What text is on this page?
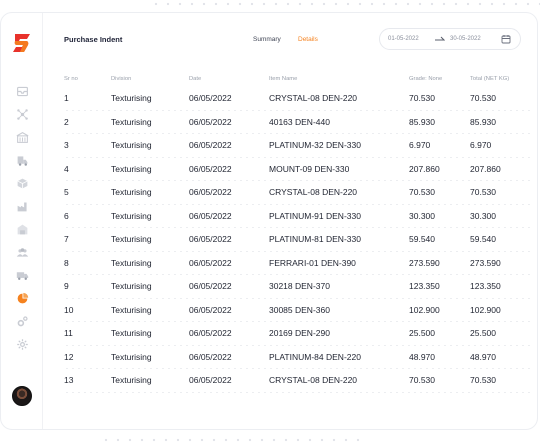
Purchase Indent	Summary	Details	01-05-2022	30-05-2022
Sr no	Division	Date	Item Name	Grade: None	Total (NET KG)
1	Texturising	06/05/2022	CRYSTAL-08 DEN-220	70.530	70.530
2	Texturising	06/05/2022	40163 DEN-440	85.930	85.930
3	Texturising	06/05/2022	PLATINUM-32 DEN-330	6.970	6.970
4	Texturising	06/05/2022	MOUNT-09 DEN-330	207.860	207.860
5	Texturising	06/05/2022	CRYSTAL-08 DEN-220	70.530	70.530
6	Texturising	06/05/2022	PLATINUM-91 DEN-330	30.300	30.300
7	Texturising	06/05/2022	PLATINUM-81 DEN-330	59.540	59.540
8	Texturising	06/05/2022	FERRARI-01 DEN-390	273.590	273.590
9	Texturising	06/05/2022	30218 DEN-370	123.350	123.350
10	Texturising	06/05/2022	30085 DEN-360	102.900	102.900
11	Texturising	06/05/2022	20169 DEN-290	25.500	25.500
12	Texturising	06/05/2022	PLATINUM-84 DEN-220	48.970	48.970
13	Texturising	06/05/2022	CRYSTAL-08 DEN-220	70.530	70.530
